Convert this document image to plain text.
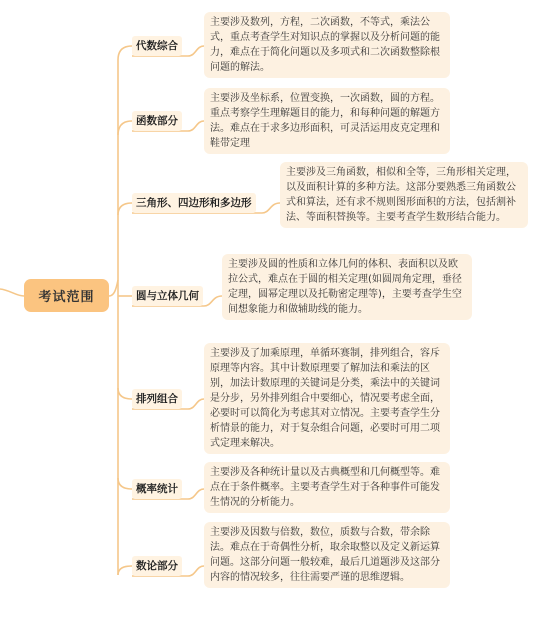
考试范围
代数综合
主要涉及数列，方程，二次函数，不等式，乘法公式，重点考查学生对知识点的掌握以及分析问题的能力，难点在于简化问题以及多项式和二次函数整除根问题的解法。
函数部分
主要涉及坐标系，位置变换，一次函数，圆的方程。重点考察学生理解题目的能力，和每种问题的解题方法。难点在于求多边形面积，可灵活运用皮克定理和鞋带定理
三角形、四边形和多边形
主要涉及三角函数，相似和全等，三角形相关定理，以及面积计算的多种方法。这部分要熟悉三角函数公式和算法，还有求不规则图形面积的方法，包括割补法、等面积替换等。主要考查学生数形结合能力。
圆与立体几何
主要涉及圆的性质和立体几何的体积、表面积以及欧拉公式，难点在于圆的相关定理(如圆周角定理，垂径定理，圆幂定理以及托勒密定理等)，主要考查学生空间想象能力和做辅助线的能力。
排列组合
主要涉及了加乘原理，单循环赛制，排列组合，容斥原理等内容。其中计数原理要了解加法和乘法的区别，加法计数原理的关键词是分类，乘法中的关键词是分步，另外排列组合中要细心，情况要考虑全面，必要时可以简化为考虑其对立情况。主要考查学生分析情景的能力，对于复杂组合问题，必要时可用二项式定理来解决。
概率统计
主要涉及各种统计量以及古典概型和几何概型等。难点在于条件概率。主要考查学生对于各种事件可能发生情况的分析能力。
数论部分
主要涉及因数与倍数，数位，质数与合数，带余除法。难点在于奇偶性分析，取余取整以及定义新运算问题。这部分问题一般较难，最后几道题涉及这部分内容的情况较多，往往需要严谨的思维逻辑。
